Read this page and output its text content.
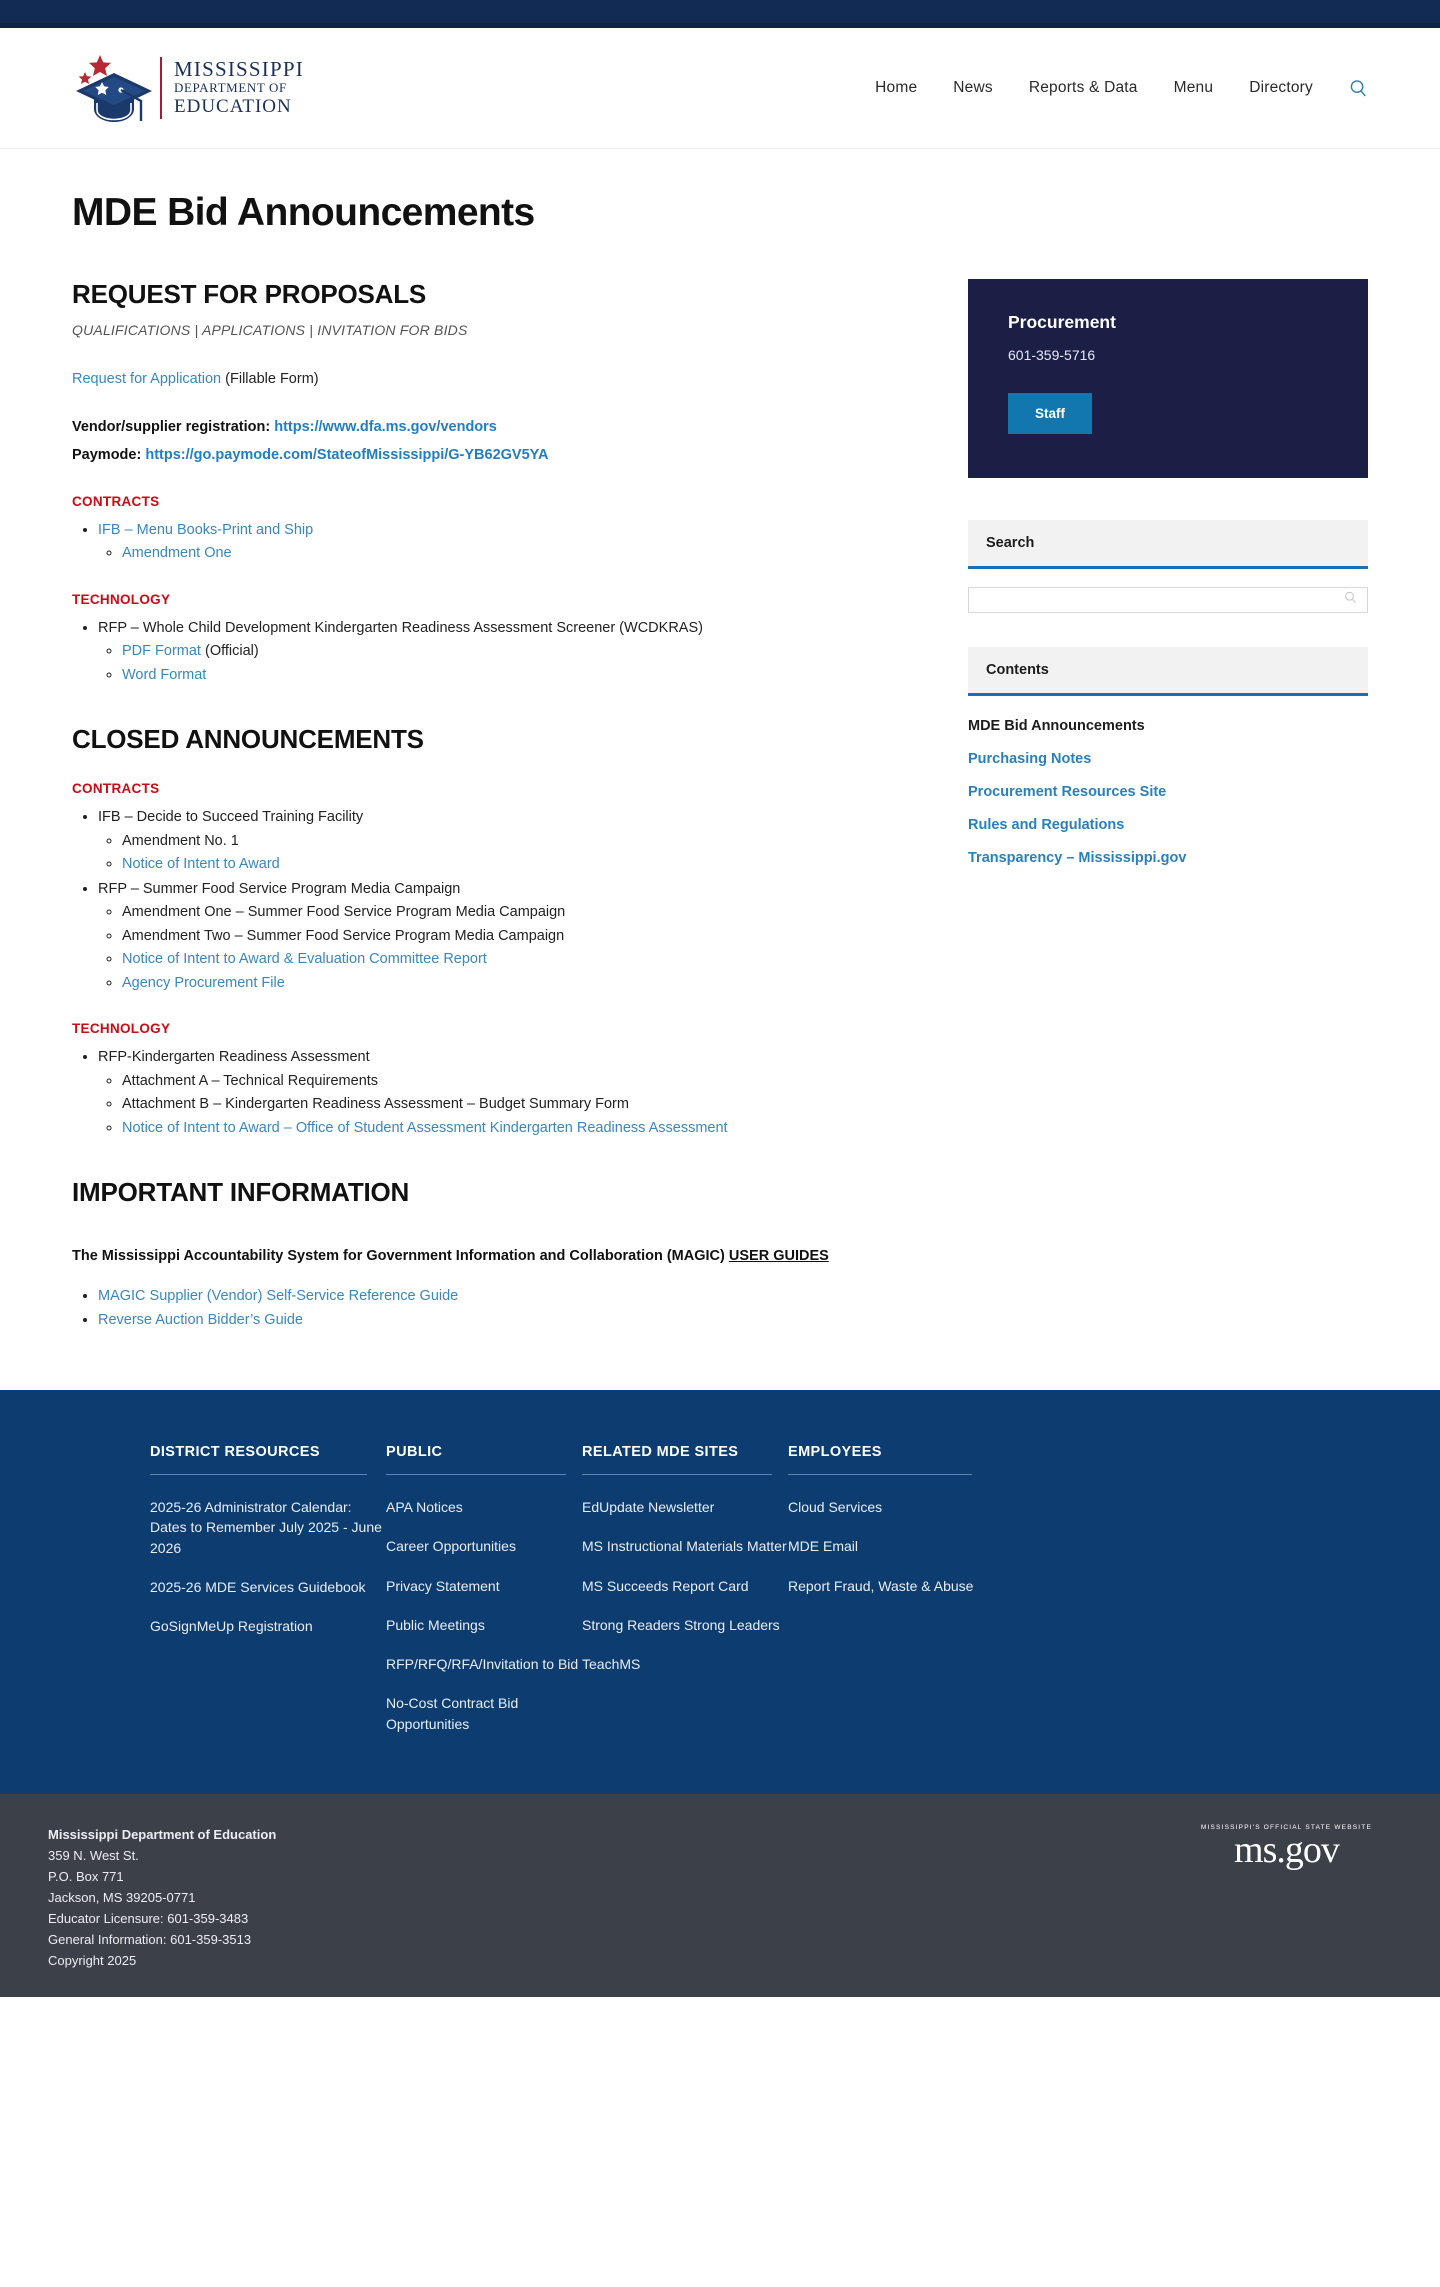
MISSISSIPPI
DEPARTMENT OF
EDUCATION
Home News Reports & Data Menu Directory
MDE Bid Announcements
REQUEST FOR PROPOSALS
QUALIFICATIONS | APPLICATIONS | INVITATION FOR BIDS

Request for Application (Fillable Form)

Vendor/supplier registration: https://www.dfa.ms.gov/vendors

Paymode: https://go.paymode.com/StateofMississippi/G-YB62GV5YA

CONTRACTS
• IFB – Menu Books-Print and Ship
◦ Amendment One
TECHNOLOGY
• RFP – Whole Child Development Kindergarten Readiness Assessment Screener (WCDKRAS)
◦ PDF Format (Official)
◦ Word Format
CLOSED ANNOUNCEMENTS
CONTRACTS
• IFB – Decide to Succeed Training Facility
◦ Amendment No. 1
◦ Notice of Intent to Award
• RFP – Summer Food Service Program Media Campaign
◦ Amendment One – Summer Food Service Program Media Campaign
◦ Amendment Two – Summer Food Service Program Media Campaign
◦ Notice of Intent to Award & Evaluation Committee Report
◦ Agency Procurement File
TECHNOLOGY
• RFP-Kindergarten Readiness Assessment
◦ Attachment A – Technical Requirements
◦ Attachment B – Kindergarten Readiness Assessment – Budget Summary Form
◦ Notice of Intent to Award – Office of Student Assessment Kindergarten Readiness Assessment
IMPORTANT INFORMATION

The Mississippi Accountability System for Government Information and Collaboration (MAGIC) USER GUIDES

• MAGIC Supplier (Vendor) Self-Service Reference Guide
• Reverse Auction Bidder’s Guide
Procurement
601-359-5716
Staff
Search
Contents
MDE Bid Announcements
Purchasing Notes
Procurement Resources Site
Rules and Regulations
Transparency – Mississippi.gov
DISTRICT RESOURCES
2025-26 Administrator Calendar: Dates to Remember July 2025 - June 2026
2025-26 MDE Services Guidebook
GoSignMeUp Registration
PUBLIC
APA Notices
Career Opportunities
Privacy Statement
Public Meetings
RFP/RFQ/RFA/Invitation to Bid
No-Cost Contract Bid Opportunities
RELATED MDE SITES
EdUpdate Newsletter
MS Instructional Materials Matter
MS Succeeds Report Card
Strong Readers Strong Leaders
TeachMS
EMPLOYEES
Cloud Services
MDE Email
Report Fraud, Waste & Abuse
Mississippi Department of Education
359 N. West St.
P.O. Box 771
Jackson, MS 39205-0771
Educator Licensure: 601-359-3483
General Information: 601-359-3513
Copyright 2025
MISSISSIPPI'S OFFICIAL STATE WEBSITE
ms.gov
